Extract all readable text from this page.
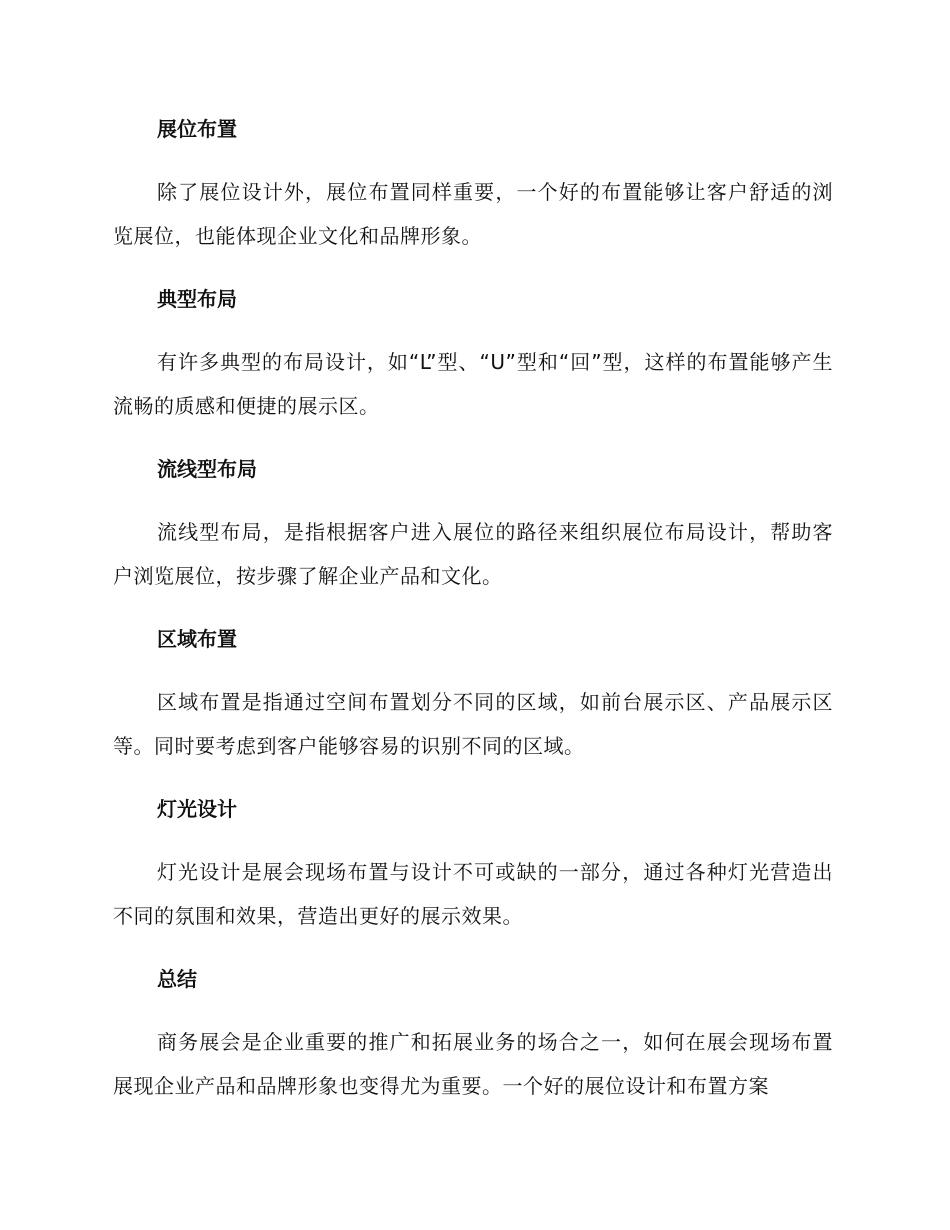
展位布置

除了展位设计外，展位布置同样重要，一个好的布置能够让客户舒适的浏览展位，也能体现企业文化和品牌形象。

典型布局

有许多典型的布局设计，如“L”型、“U”型和“回”型，这样的布置能够产生流畅的质感和便捷的展示区。

流线型布局

流线型布局，是指根据客户进入展位的路径来组织展位布局设计，帮助客户浏览展位，按步骤了解企业产品和文化。

区域布置

区域布置是指通过空间布置划分不同的区域，如前台展示区、产品展示区等。同时要考虑到客户能够容易的识别不同的区域。

灯光设计

灯光设计是展会现场布置与设计不可或缺的一部分，通过各种灯光营造出不同的氛围和效果，营造出更好的展示效果。

总结

商务展会是企业重要的推广和拓展业务的场合之一，如何在展会现场布置展现企业产品和品牌形象也变得尤为重要。一个好的展位设计和布置方案
